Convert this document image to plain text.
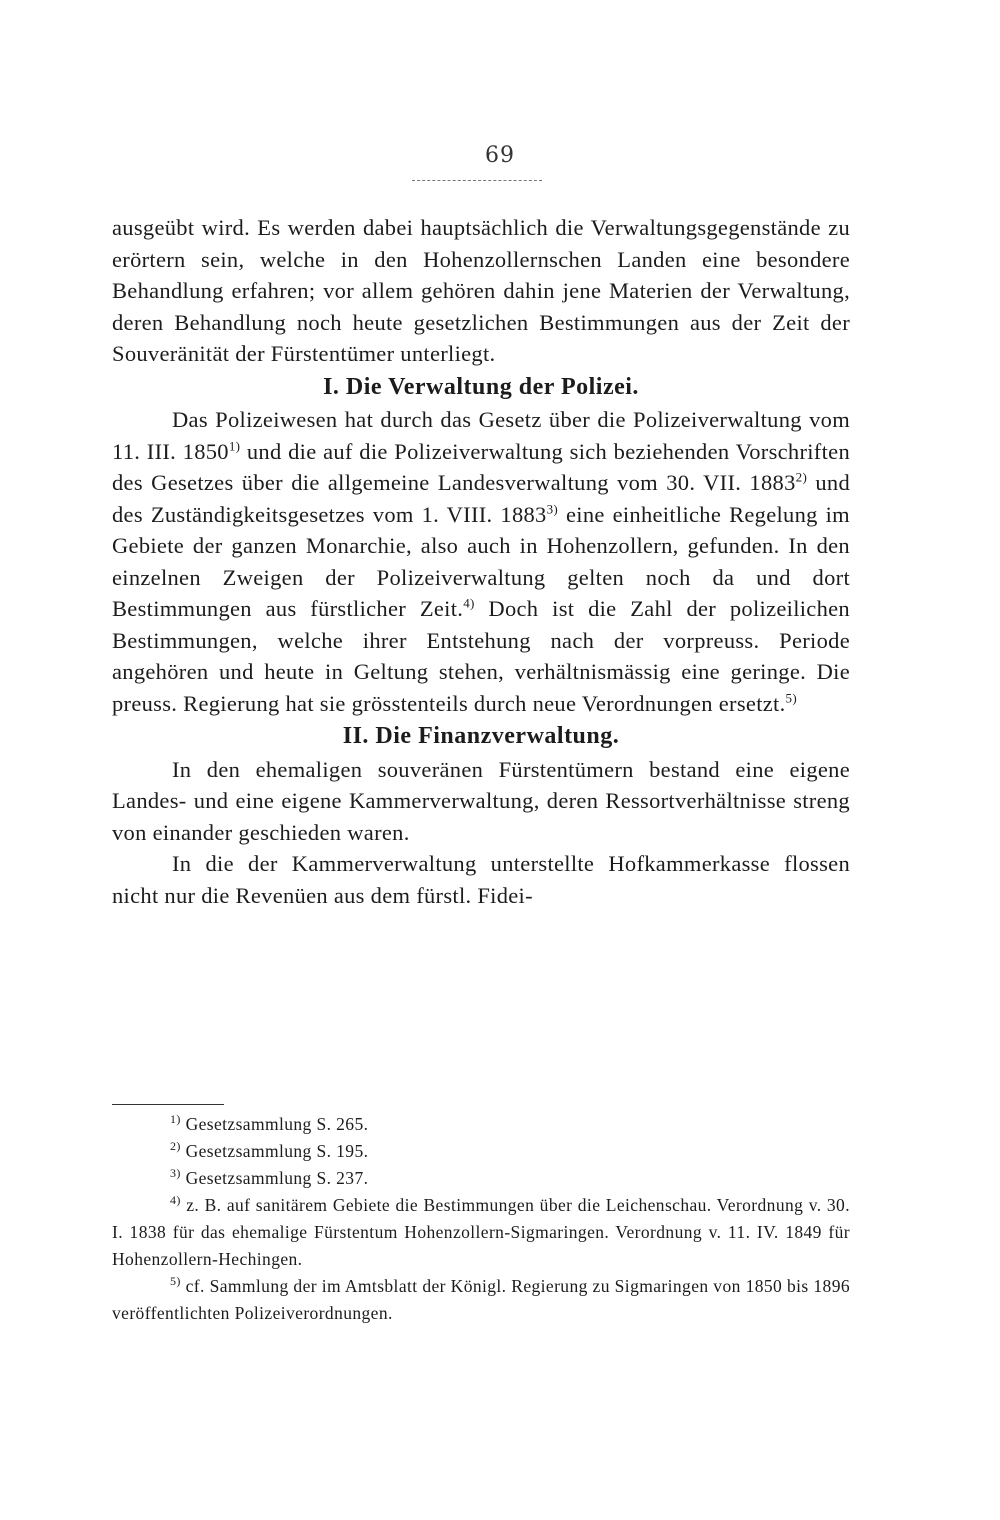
69

ausgeübt wird. Es werden dabei hauptsächlich die Verwaltungsgegenstände zu erörtern sein, welche in den Hohenzollernschen Landen eine besondere Behandlung erfahren; vor allem gehören dahin jene Materien der Verwaltung, deren Behandlung noch heute gesetzlichen Bestimmungen aus der Zeit der Souveränität der Fürstentümer unterliegt.

I. Die Verwaltung der Polizei.

Das Polizeiwesen hat durch das Gesetz über die Polizeiverwaltung vom 11. III. 1850$^{1)}$ und die auf die Polizeiverwaltung sich beziehenden Vorschriften des Gesetzes über die allgemeine Landesverwaltung vom 30. VII. 1883$^{2)}$ und des Zuständigkeitsgesetzes vom 1. VIII. 1883$^{3)}$ eine einheitliche Regelung im Gebiete der ganzen Monarchie, also auch in Hohenzollern, gefunden. In den einzelnen Zweigen der Polizeiverwaltung gelten noch da und dort Bestimmungen aus fürstlicher Zeit.$^{4)}$ Doch ist die Zahl der polizeilichen Bestimmungen, welche ihrer Entstehung nach der vorpreuss. Periode angehören und heute in Geltung stehen, verhältnismässig eine geringe. Die preuss. Regierung hat sie grösstenteils durch neue Verordnungen ersetzt.$^{5)}$

II. Die Finanzverwaltung.

In den ehemaligen souveränen Fürstentümern bestand eine eigene Landes- und eine eigene Kammerverwaltung, deren Ressortverhältnisse streng von einander geschieden waren.

In die der Kammerverwaltung unterstellte Hofkammerkasse flossen nicht nur die Revenüen aus dem fürstl. Fidei-

$^{1)}$ Gesetzsammlung S. 265.

$^{2)}$ Gesetzsammlung S. 195.

$^{3)}$ Gesetzsammlung S. 237.

$^{4)}$ z. B. auf sanitärem Gebiete die Bestimmungen über die Leichenschau. Verordnung v. 30. I. 1838 für das ehemalige Fürstentum Hohenzollern-Sigmaringen. Verordnung v. 11. IV. 1849 für Hohenzollern-Hechingen.

$^{5)}$ cf. Sammlung der im Amtsblatt der Königl. Regierung zu Sigmaringen von 1850 bis 1896 veröffentlichten Polizeiverordnungen.
